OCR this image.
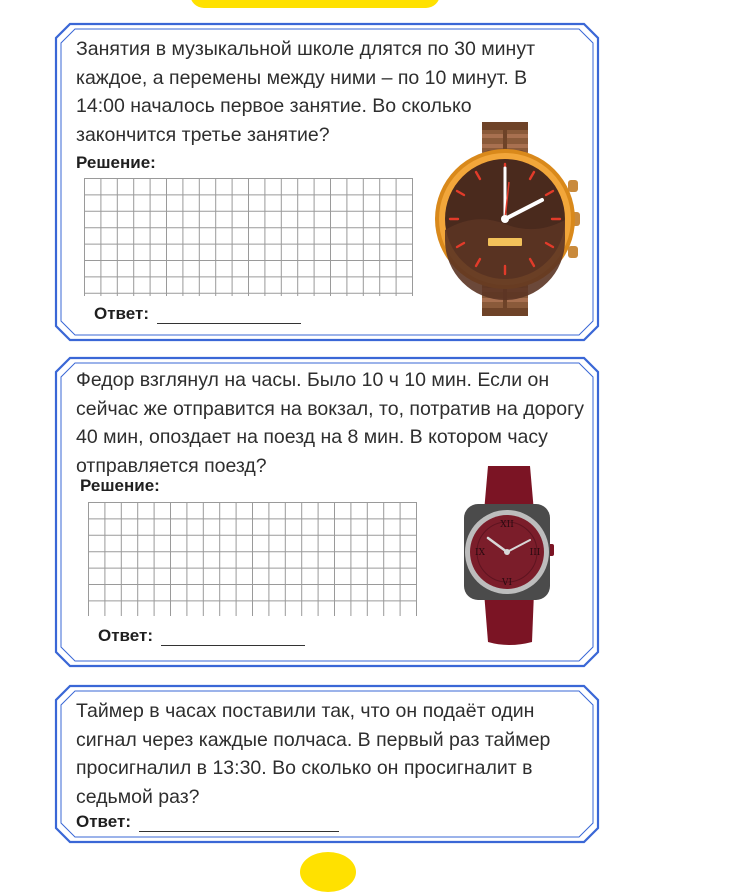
Занятия в музыкальной школе длятся по 30 минут каждое, а перемены между ними – по 10 минут. В 14:00 началось первое занятие. Во сколько закончится третье занятие?

Решение:
Ответ:

Федор взглянул на часы. Было 10 ч 10 мин. Если он сейчас же отправится на вокзал, то, потратив на дорогу 40 мин, опоздает на поезд на 8 мин. В котором часу отправляется поезд?

Решение:
Ответ:
XII
VI
IX	III

Таймер в часах поставили так, что он подаёт один сигнал через каждые полчаса. В первый раз таймер просигналил в 13:30. Во сколько он просигналит в седьмой раз?

Ответ:
